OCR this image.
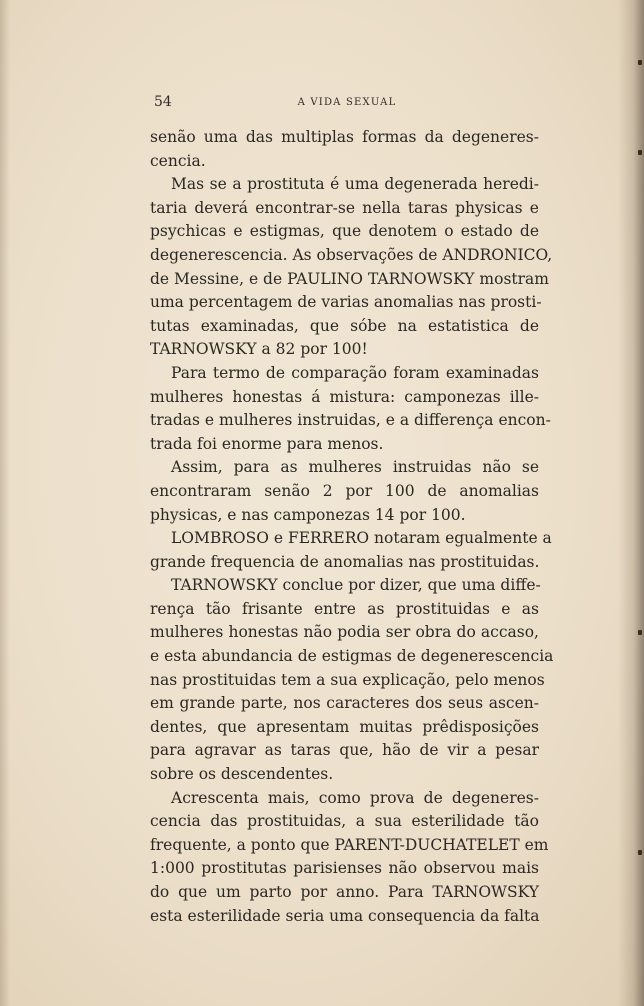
54	A VIDA SEXUAL
senão uma das multiplas formas da degeneres-
cencia.
Mas se a prostituta é uma degenerada heredi-
taria deverá encontrar-se nella taras physicas e
psychicas e estigmas, que denotem o estado de
degenerescencia. As observações de ANDRONICO,
de Messine, e de PAULINO TARNOWSKY mostram
uma percentagem de varias anomalias nas prosti-
tutas examinadas, que sóbe na estatistica de
TARNOWSKY a 82 por 100!
Para termo de comparação foram examinadas
mulheres honestas á mistura: camponezas ille-
tradas e mulheres instruidas, e a differença encon-
trada foi enorme para menos.
Assim, para as mulheres instruidas não se
encontraram senão 2 por 100 de anomalias
physicas, e nas camponezas 14 por 100.
LOMBROSO e FERRERO notaram egualmente a
grande frequencia de anomalias nas prostituidas.
TARNOWSKY conclue por dizer, que uma diffe-
rença tão frisante entre as prostituidas e as
mulheres honestas não podia ser obra do accaso,
e esta abundancia de estigmas de degenerescencia
nas prostituidas tem a sua explicação, pelo menos
em grande parte, nos caracteres dos seus ascen-
dentes, que apresentam muitas prêdisposições
para agravar as taras que, hão de vir a pesar
sobre os descendentes.
Acrescenta mais, como prova de degeneres-
cencia das prostituidas, a sua esterilidade tão
frequente, a ponto que PARENT-DUCHATELET em
1:000 prostitutas parisienses não observou mais
do que um parto por anno. Para TARNOWSKY
esta esterilidade seria uma consequencia da falta
